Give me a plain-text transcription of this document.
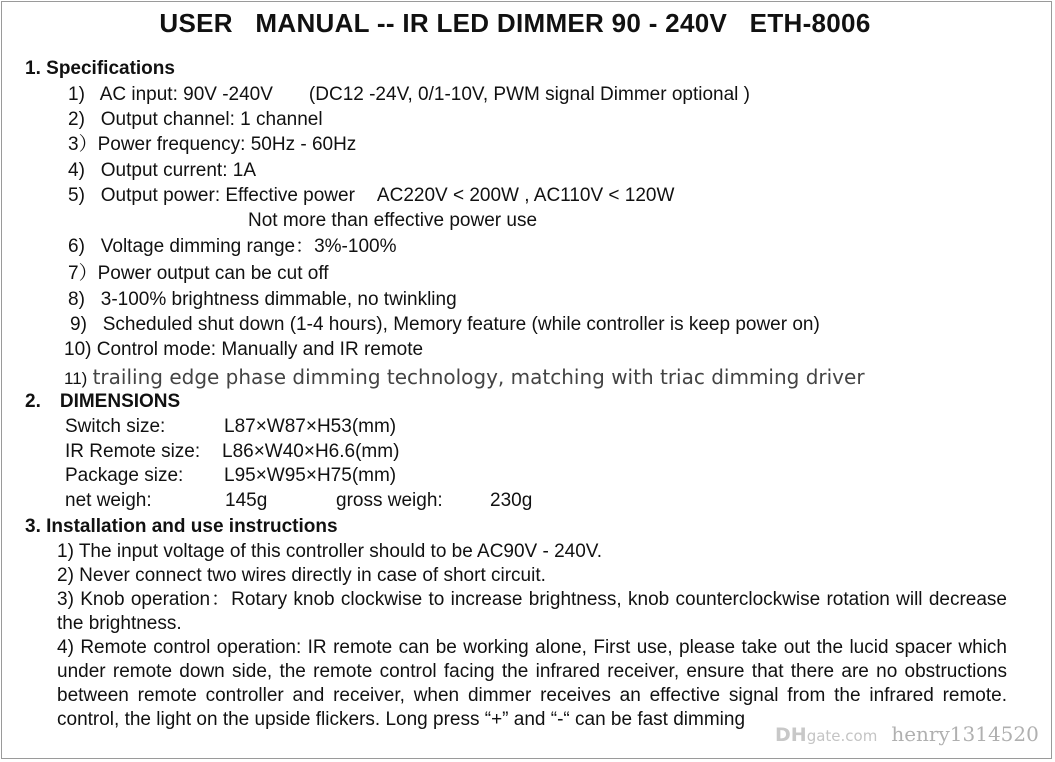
USER   MANUAL -- IR LED DIMMER 90 - 240V   ETH-8006
1. Specifications
1) AC input: 90V -240V (DC12 -24V, 0/1-10V, PWM signal Dimmer optional )
2) Output channel: 1 channel
3）Power frequency: 50Hz - 60Hz
4) Output current: 1A
5) Output power: Effective power AC220V < 200W , AC110V < 120W
Not more than effective power use
6) Voltage dimming range：3%-100%
7）Power output can be cut off
8) 3-100% brightness dimmable, no twinkling
9) Scheduled shut down (1-4 hours), Memory feature (while controller is keep power on)
10) Control mode: Manually and IR remote
11) trailing edge phase dimming technology, matching with triac dimming driver
2. DIMENSIONS
Switch size:	L87×W87×H53(mm)
IR Remote size: L86×W40×H6.6(mm)
Package size: L95×W95×H75(mm)
net weigh:	145g	gross weigh: 230g
3. Installation and use instructions
1) The input voltage of this controller should to be AC90V - 240V.
2) Never connect two wires directly in case of short circuit.
3) Knob operation：Rotary knob clockwise to increase brightness, knob counterclockwise rotation will decrease the brightness.
4) Remote control operation: IR remote can be working alone, First use, please take out the lucid spacer which under remote down side, the remote control facing the infrared receiver, ensure that there are no obstructions between remote controller and receiver, when dimmer receives an effective signal from the infrared remote. control, the light on the upside flickers. Long press “+” and “-“ can be fast dimming
DHgate.com henry1314520
